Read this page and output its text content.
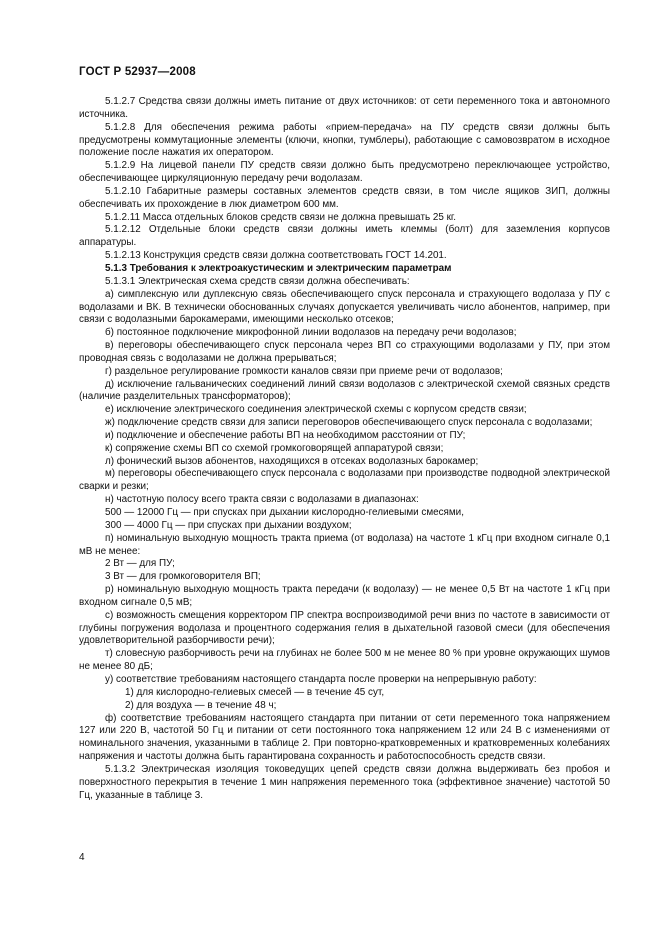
ГОСТ Р 52937—2008

5.1.2.7 Средства связи должны иметь питание от двух источников: от сети переменного тока и автономного источника.

5.1.2.8 Для обеспечения режима работы «прием-передача» на ПУ средств связи должны быть предусмотрены коммутационные элементы (ключи, кнопки, тумблеры), работающие с самовозвратом в исходное положение после нажатия их оператором.

5.1.2.9 На лицевой панели ПУ средств связи должно быть предусмотрено переключающее устройство, обеспечивающее циркуляционную передачу речи водолазам.

5.1.2.10 Габаритные размеры составных элементов средств связи, в том числе ящиков ЗИП, должны обеспечивать их прохождение в люк диаметром 600 мм.

5.1.2.11 Масса отдельных блоков средств связи не должна превышать 25 кг.

5.1.2.12 Отдельные блоки средств связи должны иметь клеммы (болт) для заземления корпусов аппаратуры.

5.1.2.13 Конструкция средств связи должна соответствовать ГОСТ 14.201.

5.1.3 Требования к электроакустическим и электрическим параметрам

5.1.3.1 Электрическая схема средств связи должна обеспечивать:

а) симплексную или дуплексную связь обеспечивающего спуск персонала и страхующего водолаза у ПУ с водолазами и ВК. В технически обоснованных случаях допускается увеличивать число абонентов, например, при связи с водолазными барокамерами, имеющими несколько отсеков;

б) постоянное подключение микрофонной линии водолазов на передачу речи водолазов;

в) переговоры обеспечивающего спуск персонала через ВП со страхующими водолазами у ПУ, при этом проводная связь с водолазами не должна прерываться;

г) раздельное регулирование громкости каналов связи при приеме речи от водолазов;

д) исключение гальванических соединений линий связи водолазов с электрической схемой связных средств (наличие разделительных трансформаторов);

е) исключение электрического соединения электрической схемы с корпусом средств связи;

ж) подключение средств связи для записи переговоров обеспечивающего спуск персонала с водолазами;

и) подключение и обеспечение работы ВП на необходимом расстоянии от ПУ;

к) сопряжение схемы ВП со схемой громкоговорящей аппаратурой связи;

л) фонический вызов абонентов, находящихся в отсеках водолазных барокамер;

м) переговоры обеспечивающего спуск персонала с водолазами при производстве подводной электрической сварки и резки;

н) частотную полосу всего тракта связи с водолазами в диапазонах:

500 — 12000 Гц — при спусках при дыхании кислородно-гелиевыми смесями,

300 — 4000 Гц — при спусках при дыхании воздухом;

п) номинальную выходную мощность тракта приема (от водолаза) на частоте 1 кГц при входном сигнале 0,1 мВ не менее:

2 Вт — для ПУ;

3 Вт — для громкоговорителя ВП;

р) номинальную выходную мощность тракта передачи (к водолазу) — не менее 0,5 Вт на частоте 1 кГц при входном сигнале 0,5 мВ;

с) возможность смещения корректором ПР спектра воспроизводимой речи вниз по частоте в зависимости от глубины погружения водолаза и процентного содержания гелия в дыхательной газовой смеси (для обеспечения удовлетворительной разборчивости речи);

т) словесную разборчивость речи на глубинах не более 500 м не менее 80 % при уровне окружающих шумов не менее 80 дБ;

у) соответствие требованиям настоящего стандарта после проверки на непрерывную работу:

1) для кислородно-гелиевых смесей — в течение 45 сут,

2) для воздуха — в течение 48 ч;

ф) соответствие требованиям настоящего стандарта при питании от сети переменного тока напряжением 127 или 220 В, частотой 50 Гц и питании от сети постоянного тока напряжением 12 или 24 В с изменениями от номинального значения, указанными в таблице 2. При повторно-кратковременных и кратковременных колебаниях напряжения и частоты должна быть гарантирована сохранность и работоспособность средств связи.

5.1.3.2 Электрическая изоляция токоведущих цепей средств связи должна выдерживать без пробоя и поверхностного перекрытия в течение 1 мин напряжения переменного тока (эффективное значение) частотой 50 Гц, указанные в таблице 3.

4
